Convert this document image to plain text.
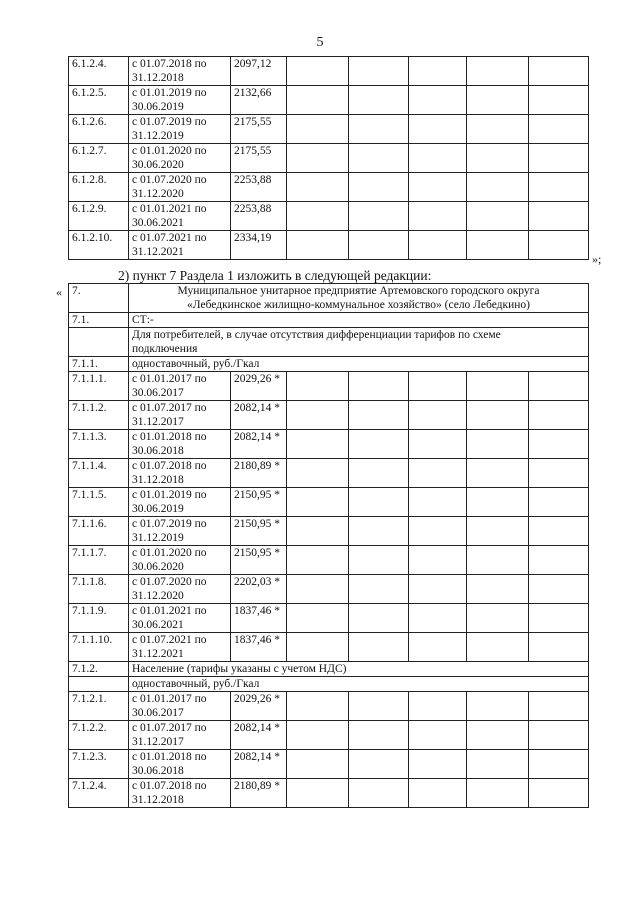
5
6.1.2.4.	с 01.07.2018 по
31.12.2018	2097,12					
6.1.2.5.	с 01.01.2019 по
30.06.2019	2132,66					
6.1.2.6.	с 01.07.2019 по
31.12.2019	2175,55					
6.1.2.7.	с 01.01.2020 по
30.06.2020	2175,55					
6.1.2.8.	с 01.07.2020 по
31.12.2020	2253,88					
6.1.2.9.	с 01.01.2021 по
30.06.2021	2253,88					
6.1.2.10.	с 01.07.2021 по
31.12.2021	2334,19					
»;
2) пункт 7 Раздела 1 изложить в следующей редакции:
« 7.	Муниципальное унитарное предприятие Артемовского городского округа
«Лебедкинское жилищно-коммунальное хозяйство» (село Лебедкино)						

7.1.	СТ:-						

	Для потребителей, в случае отсутствия дифференциации тарифов по схеме
подключения						

7.1.1.	одноставочный, руб./Гкал						
7.1.1.1.	с 01.01.2017 по
30.06.2017	2029,26 *					
7.1.1.2.	с 01.07.2017 по
31.12.2017	2082,14 *					
7.1.1.3.	с 01.01.2018 по
30.06.2018	2082,14 *					
7.1.1.4.	с 01.07.2018 по
31.12.2018	2180,89 *					
7.1.1.5.	с 01.01.2019 по
30.06.2019	2150,95 *					
7.1.1.6.	с 01.07.2019 по
31.12.2019	2150,95 *					
7.1.1.7.	с 01.01.2020 по
30.06.2020	2150,95 *					
7.1.1.8.	с 01.07.2020 по
31.12.2020	2202,03 *					
7.1.1.9.	с 01.01.2021 по
30.06.2021	1837,46 *					
7.1.1.10.	с 01.07.2021 по
31.12.2021	1837,46 *					
7.1.2.	Население (тарифы указаны с учетом НДС)						
	одноставочный, руб./Гкал						
7.1.2.1.	с 01.01.2017 по
30.06.2017	2029,26 *					
7.1.2.2.	с 01.07.2017 по
31.12.2017	2082,14 *					
7.1.2.3.	с 01.01.2018 по
30.06.2018	2082,14 *					
7.1.2.4.	с 01.07.2018 по
31.12.2018	2180,89 *					
